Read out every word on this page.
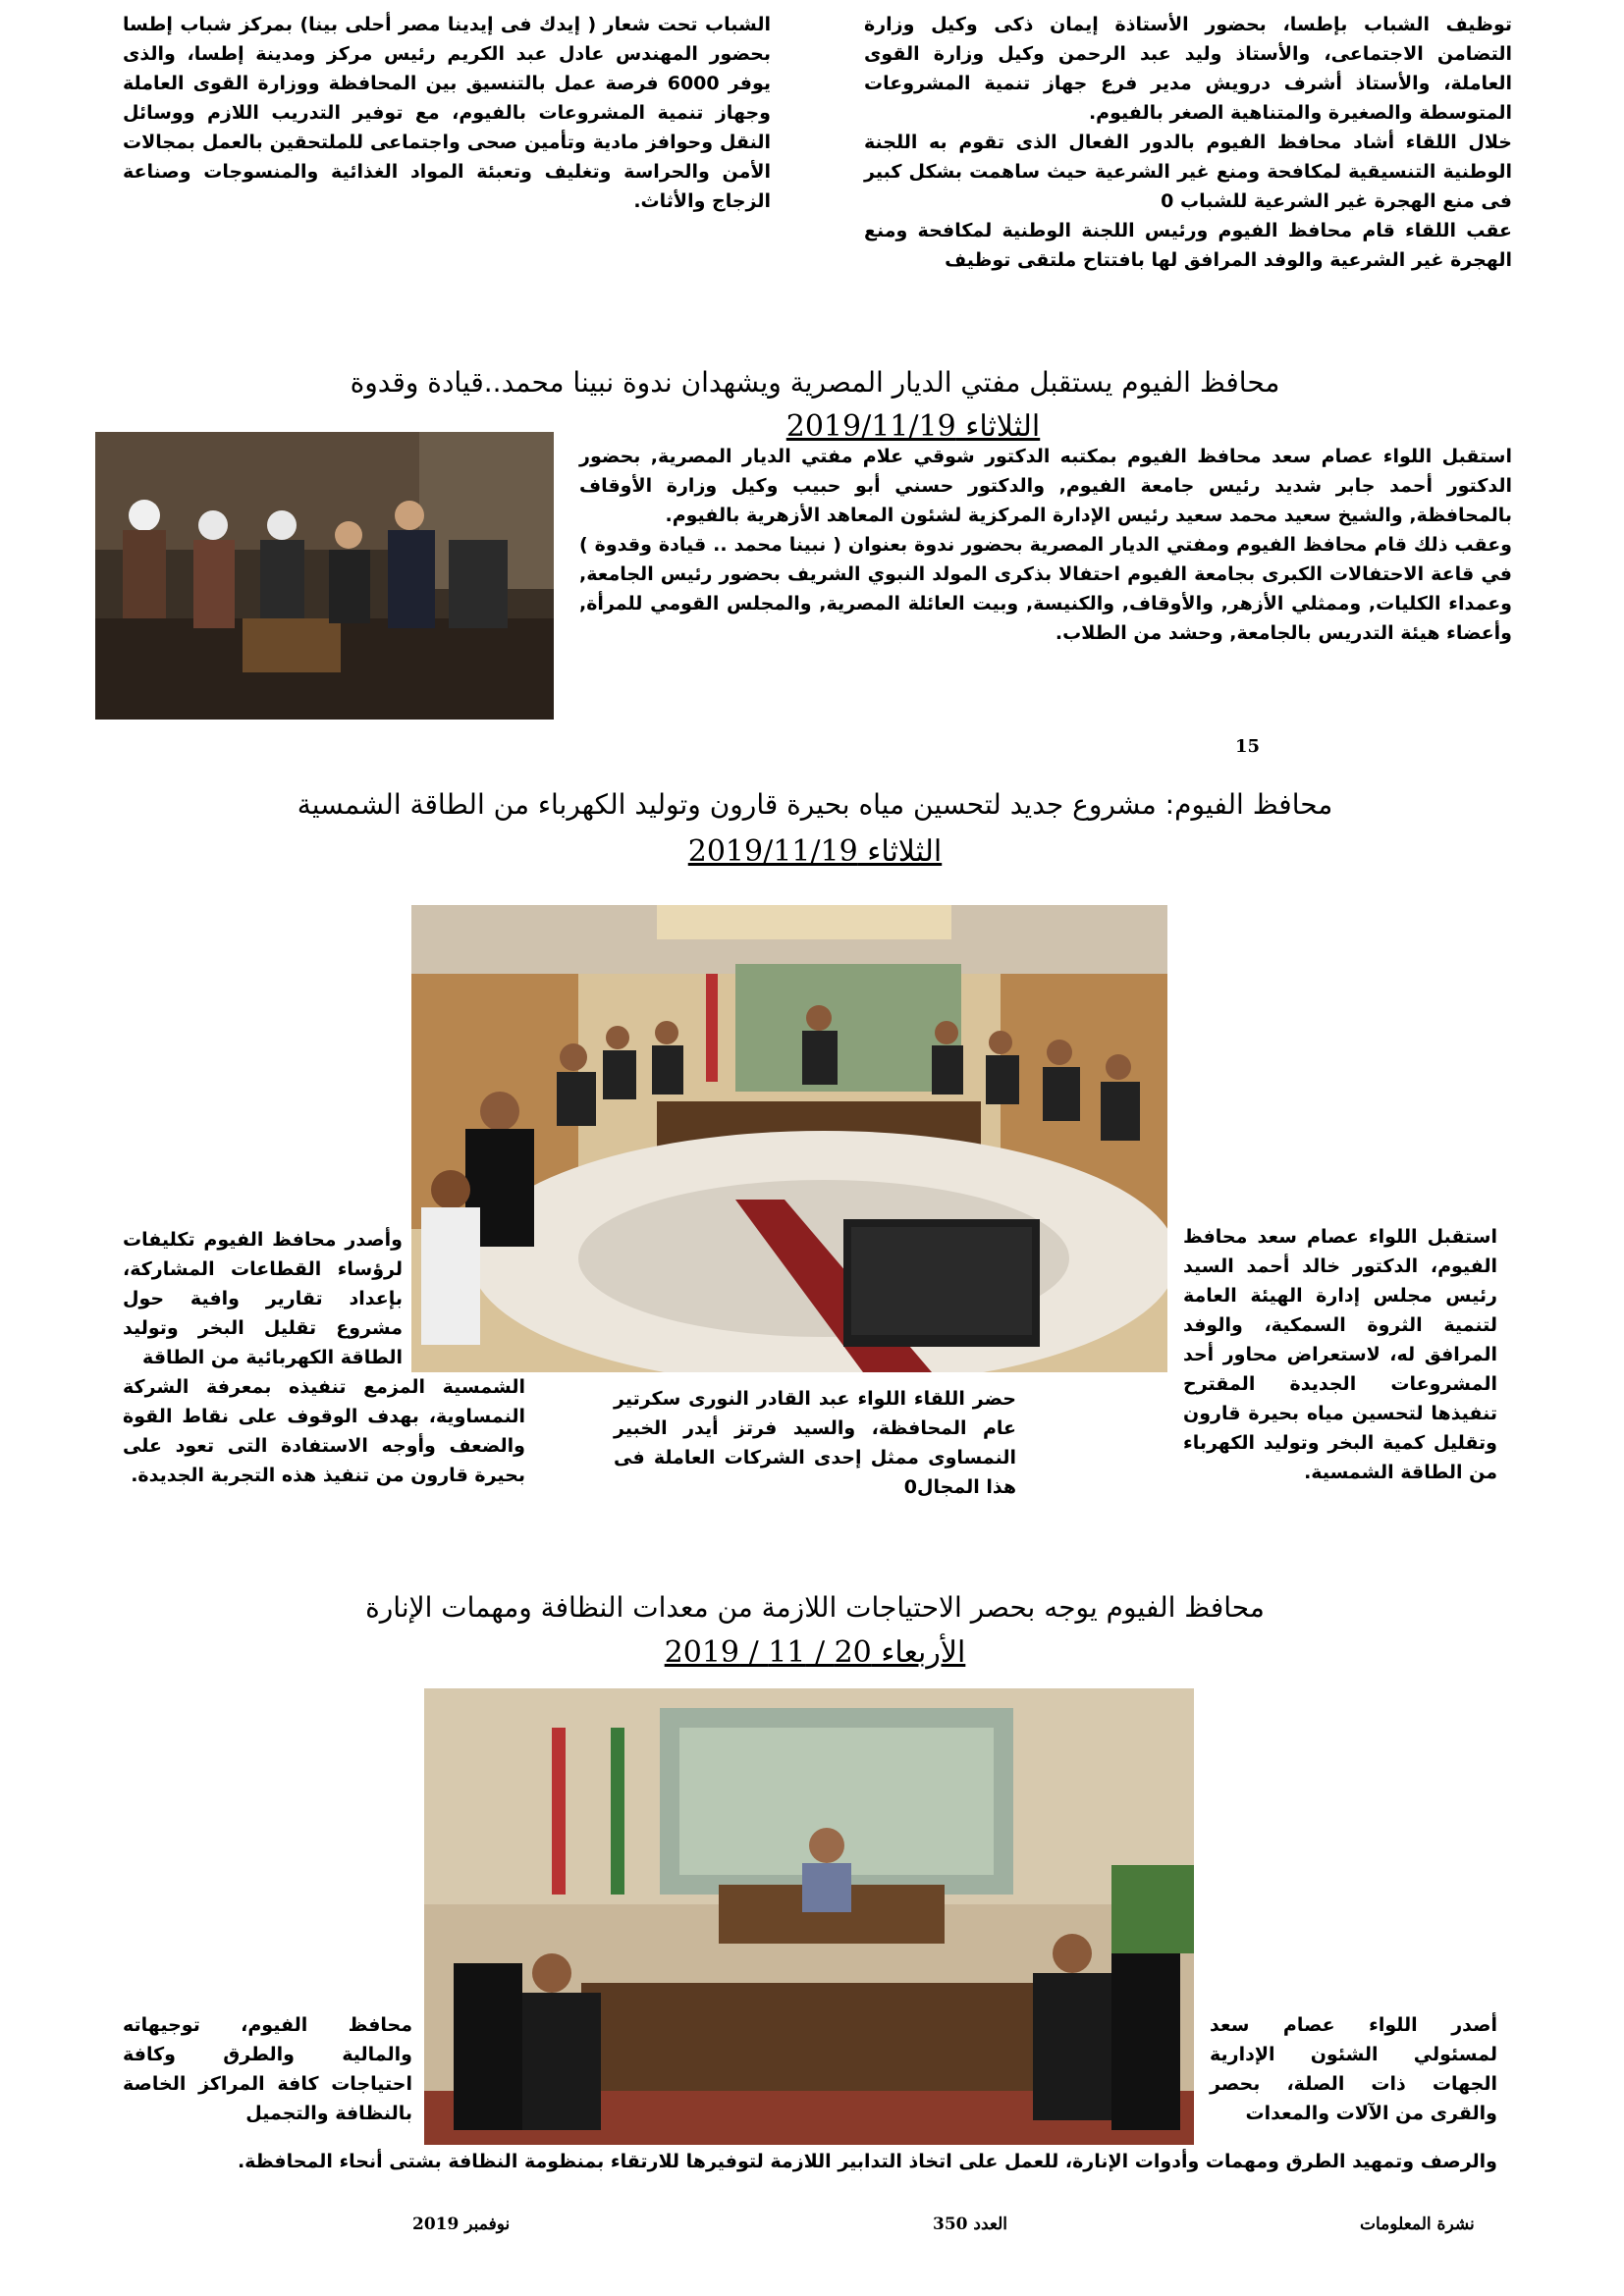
توظيف الشباب بإطسا، بحضور الأستاذة إيمان ذكى وكيل وزارة التضامن الاجتماعى، والأستاذ وليد عبد الرحمن وكيل وزارة القوى العاملة، والأستاذ أشرف درويش مدير فرع جهاز تنمية المشروعات المتوسطة والصغيرة والمتناهية الصغر بالفيوم.

خلال اللقاء أشاد محافظ الفيوم بالدور الفعال الذى تقوم به اللجنة الوطنية التنسيقية لمكافحة ومنع غير الشرعية حيث ساهمت بشكل كبير فى منع الهجرة غير الشرعية للشباب 0

عقب اللقاء قام محافظ الفيوم ورئيس اللجنة الوطنية لمكافحة ومنع الهجرة غير الشرعية والوفد المرافق لها بافتتاح ملتقى توظيف

الشباب تحت شعار ( إيدك فى إيدينا مصر أحلى بينا) بمركز شباب إطسا بحضور المهندس عادل عبد الكريم رئيس مركز ومدينة إطسا، والذى يوفر 6000 فرصة عمل بالتنسيق بين المحافظة ووزارة القوى العاملة وجهاز تنمية المشروعات بالفيوم، مع توفير التدريب اللازم ووسائل النقل وحوافز مادية وتأمين صحى واجتماعى للملتحقين بالعمل بمجالات الأمن والحراسة وتغليف وتعبئة المواد الغذائية والمنسوجات وصناعة الزجاج والأثاث.

محافظ الفيوم يستقبل مفتي الديار المصرية ويشهدان ندوة نبينا محمد..قيادة وقدوة
الثلاثاء 2019/11/19

استقبل اللواء عصام سعد محافظ الفيوم بمكتبه الدكتور شوقي علام مفتي الديار المصرية, بحضور الدكتور أحمد جابر شديد رئيس جامعة الفيوم, والدكتور حسني أبو حبيب وكيل وزارة الأوقاف بالمحافظة, والشيخ سعيد محمد سعيد رئيس الإدارة المركزية لشئون المعاهد الأزهرية بالفيوم.

وعقب ذلك قام محافظ الفيوم ومفتي الديار المصرية بحضور ندوة بعنوان ( نبينا محمد .. قيادة وقدوة ) في قاعة الاحتفالات الكبرى بجامعة الفيوم احتفالا بذكرى المولد النبوي الشريف بحضور رئيس الجامعة, وعمداء الكليات, وممثلي الأزهر, والأوقاف, والكنيسة, وبيت العائلة المصرية, والمجلس القومي للمرأة, وأعضاء هيئة التدريس بالجامعة, وحشد من الطلاب.

15
محافظ الفيوم: مشروع جديد لتحسين مياه بحيرة قارون وتوليد الكهرباء من الطاقة الشمسية
الثلاثاء 2019/11/19
استقبل اللواء عصام سعد محافظ الفيوم، الدكتور خالد أحمد السيد رئيس مجلس إدارة الهيئة العامة لتنمية الثروة السمكية، والوفد المرافق له، لاستعراض محاور أحد المشروعات الجديدة المقترح تنفيذها لتحسين مياه بحيرة قارون وتقليل كمية البخر وتوليد الكهرباء من الطاقة الشمسية.
وأصدر محافظ الفيوم تكليفات لرؤساء القطاعات المشاركة، بإعداد تقارير وافية حول مشروع تقليل البخر وتوليد الطاقة الكهربائية من الطاقة
الشمسية المزمع تنفيذه بمعرفة الشركة النمساوية، بهدف الوقوف على نقاط القوة والضعف وأوجه الاستفادة التى تعود على بحيرة قارون من تنفيذ هذه التجربة الجديدة.
حضر اللقاء اللواء عبد القادر النورى سكرتير عام المحافظة، والسيد فرتز أيدر الخبير النمساوى ممثل إحدى الشركات العاملة فى هذا المجال0
محافظ الفيوم يوجه بحصر الاحتياجات اللازمة من معدات النظافة ومهمات الإنارة
الأربعاء 20 / 11 / 2019
أصدر اللواء عصام سعد لمسئولي الشئون الإدارية الجهات ذات الصلة، بحصر والقرى من الآلات والمعدات
محافظ الفيوم، توجيهاته والمالية والطرق وكافة احتياجات كافة المراكز الخاصة بالنظافة والتجميل
والرصف وتمهيد الطرق ومهمات وأدوات الإنارة، للعمل على اتخاذ التدابير اللازمة لتوفيرها للارتقاء بمنظومة النظافة بشتى أنحاء المحافظة.
نشرة المعلومات
العدد 350
نوفمبر 2019
